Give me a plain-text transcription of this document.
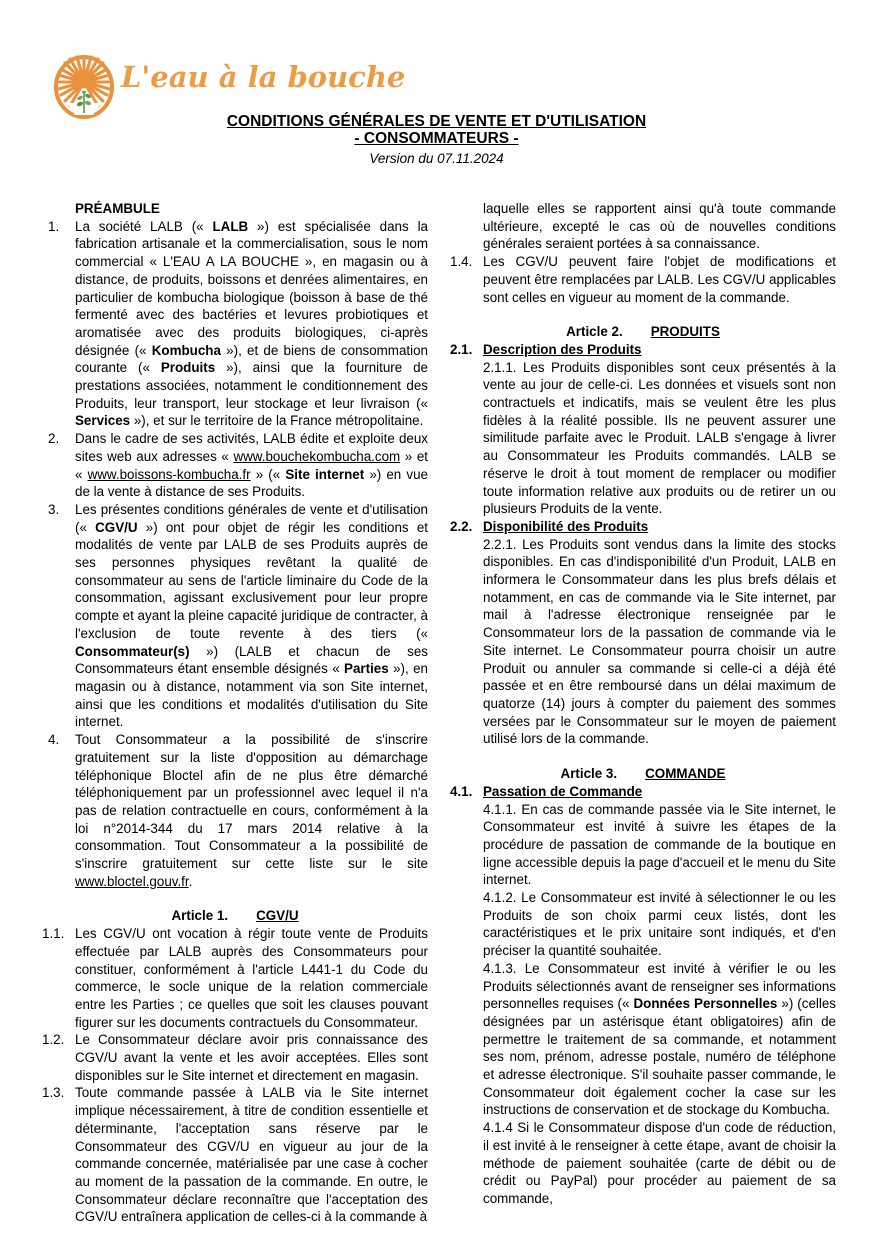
L'eau à la bouche
CONDITIONS GÉNÉRALES DE VENTE ET D'UTILISATION
- CONSOMMATEURS -
Version du 07.11.2024
PRÉAMBULE
1. La société LALB (« LALB ») est spécialisée dans la fabrication artisanale et la commercialisation, sous le nom commercial « L'EAU A LA BOUCHE », en magasin ou à distance, de produits, boissons et denrées alimentaires, en particulier de kombucha biologique (boisson à base de thé fermenté avec des bactéries et levures probiotiques et aromatisée avec des produits biologiques, ci-après désignée (« Kombucha »), et de biens de consommation courante (« Produits »), ainsi que la fourniture de prestations associées, notamment le conditionnement des Produits, leur transport, leur stockage et leur livraison (« Services »), et sur le territoire de la France métropolitaine.
2. Dans le cadre de ses activités, LALB édite et exploite deux sites web aux adresses « www.bouchekombucha.com » et « www.boissons-kombucha.fr » (« Site internet ») en vue de la vente à distance de ses Produits.
3. Les présentes conditions générales de vente et d'utilisation (« CGV/U ») ont pour objet de régir les conditions et modalités de vente par LALB de ses Produits auprès de ses personnes physiques revêtant la qualité de consommateur au sens de l'article liminaire du Code de la consommation, agissant exclusivement pour leur propre compte et ayant la pleine capacité juridique de contracter, à l'exclusion de toute revente à des tiers (« Consommateur(s) ») (LALB et chacun de ses Consommateurs étant ensemble désignés « Parties »), en magasin ou à distance, notamment via son Site internet, ainsi que les conditions et modalités d'utilisation du Site internet.
4. Tout Consommateur a la possibilité de s'inscrire gratuitement sur la liste d'opposition au démarchage téléphonique Bloctel afin de ne plus être démarché téléphoniquement par un professionnel avec lequel il n'a pas de relation contractuelle en cours, conformément à la loi n°2014-344 du 17 mars 2014 relative à la consommation. Tout Consommateur a la possibilité de s'inscrire gratuitement sur cette liste sur le site www.bloctel.gouv.fr.
Article 1. CGV/U
1.1. Les CGV/U ont vocation à régir toute vente de Produits effectuée par LALB auprès des Consommateurs pour constituer, conformément à l'article L441-1 du Code du commerce, le socle unique de la relation commerciale entre les Parties ; ce quelles que soit les clauses pouvant figurer sur les documents contractuels du Consommateur.
1.2. Le Consommateur déclare avoir pris connaissance des CGV/U avant la vente et les avoir acceptées. Elles sont disponibles sur le Site internet et directement en magasin.
1.3. Toute commande passée à LALB via le Site internet implique nécessairement, à titre de condition essentielle et déterminante, l'acceptation sans réserve par le Consommateur des CGV/U en vigueur au jour de la commande concernée, matérialisée par une case à cocher au moment de la passation de la commande. En outre, le Consommateur déclare reconnaître que l'acceptation des CGV/U entraînera application de celles-ci à la commande à
laquelle elles se rapportent ainsi qu'à toute commande ultérieure, excepté le cas où de nouvelles conditions générales seraient portées à sa connaissance.
1.4. Les CGV/U peuvent faire l'objet de modifications et peuvent être remplacées par LALB. Les CGV/U applicables sont celles en vigueur au moment de la commande.
Article 2. PRODUITS
2.1. Description des Produits
2.1.1. Les Produits disponibles sont ceux présentés à la vente au jour de celle-ci. Les données et visuels sont non contractuels et indicatifs, mais se veulent être les plus fidèles à la réalité possible. Ils ne peuvent assurer une similitude parfaite avec le Produit. LALB s'engage à livrer au Consommateur les Produits commandés. LALB se réserve le droit à tout moment de remplacer ou modifier toute information relative aux produits ou de retirer un ou plusieurs Produits de la vente.
2.2. Disponibilité des Produits
2.2.1. Les Produits sont vendus dans la limite des stocks disponibles. En cas d'indisponibilité d'un Produit, LALB en informera le Consommateur dans les plus brefs délais et notamment, en cas de commande via le Site internet, par mail à l'adresse électronique renseignée par le Consommateur lors de la passation de commande via le Site internet. Le Consommateur pourra choisir un autre Produit ou annuler sa commande si celle-ci a déjà été passée et en être remboursé dans un délai maximum de quatorze (14) jours à compter du paiement des sommes versées par le Consommateur sur le moyen de paiement utilisé lors de la commande.
Article 3. COMMANDE
4.1. Passation de Commande
4.1.1. En cas de commande passée via le Site internet, le Consommateur est invité à suivre les étapes de la procédure de passation de commande de la boutique en ligne accessible depuis la page d'accueil et le menu du Site internet.
4.1.2. Le Consommateur est invité à sélectionner le ou les Produits de son choix parmi ceux listés, dont les caractéristiques et le prix unitaire sont indiqués, et d'en préciser la quantité souhaitée.
4.1.3. Le Consommateur est invité à vérifier le ou les Produits sélectionnés avant de renseigner ses informations personnelles requises (« Données Personnelles ») (celles désignées par un astérisque étant obligatoires) afin de permettre le traitement de sa commande, et notamment ses nom, prénom, adresse postale, numéro de téléphone et adresse électronique. S'il souhaite passer commande, le Consommateur doit également cocher la case sur les instructions de conservation et de stockage du Kombucha.
4.1.4 Si le Consommateur dispose d'un code de réduction, il est invité à le renseigner à cette étape, avant de choisir la méthode de paiement souhaitée (carte de débit ou de crédit ou PayPal) pour procéder au paiement de sa commande,
